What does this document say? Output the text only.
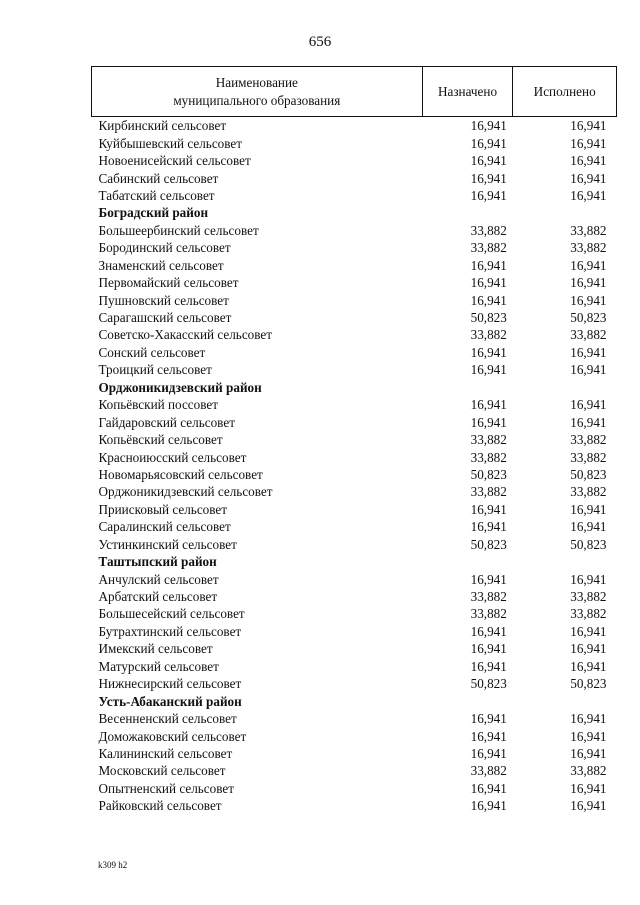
656
Наименование
муниципального образования	Назначено	Исполнено
Кирбинский сельсовет	16,941	16,941
Куйбышевский сельсовет	16,941	16,941
Новоенисейский сельсовет	16,941	16,941
Сабинский сельсовет	16,941	16,941
Табатский сельсовет	16,941	16,941
Боградский район		
Большеербинский сельсовет	33,882	33,882
Бородинский сельсовет	33,882	33,882
Знаменский сельсовет	16,941	16,941
Первомайский сельсовет	16,941	16,941
Пушновский сельсовет	16,941	16,941
Сарагашский сельсовет	50,823	50,823
Советско-Хакасский сельсовет	33,882	33,882
Сонский сельсовет	16,941	16,941
Троицкий сельсовет	16,941	16,941
Орджоникидзевский район		
Копьёвский поссовет	16,941	16,941
Гайдаровский сельсовет	16,941	16,941
Копьёвский сельсовет	33,882	33,882
Красноиюсский сельсовет	33,882	33,882
Новомарьясовский сельсовет	50,823	50,823
Орджоникидзевский сельсовет	33,882	33,882
Приисковый сельсовет	16,941	16,941
Саралинский сельсовет	16,941	16,941
Устинкинский сельсовет	50,823	50,823
Таштыпский район		
Анчулский сельсовет	16,941	16,941
Арбатский сельсовет	33,882	33,882
Большесейский сельсовет	33,882	33,882
Бутрахтинский сельсовет	16,941	16,941
Имекский сельсовет	16,941	16,941
Матурский сельсовет	16,941	16,941
Нижнесирский сельсовет	50,823	50,823
Усть-Абаканский район		
Весенненский сельсовет	16,941	16,941
Доможаковский сельсовет	16,941	16,941
Калининский сельсовет	16,941	16,941
Московский сельсовет	33,882	33,882
Опытненский сельсовет	16,941	16,941
Райковский сельсовет	16,941	16,941
k309 h2
